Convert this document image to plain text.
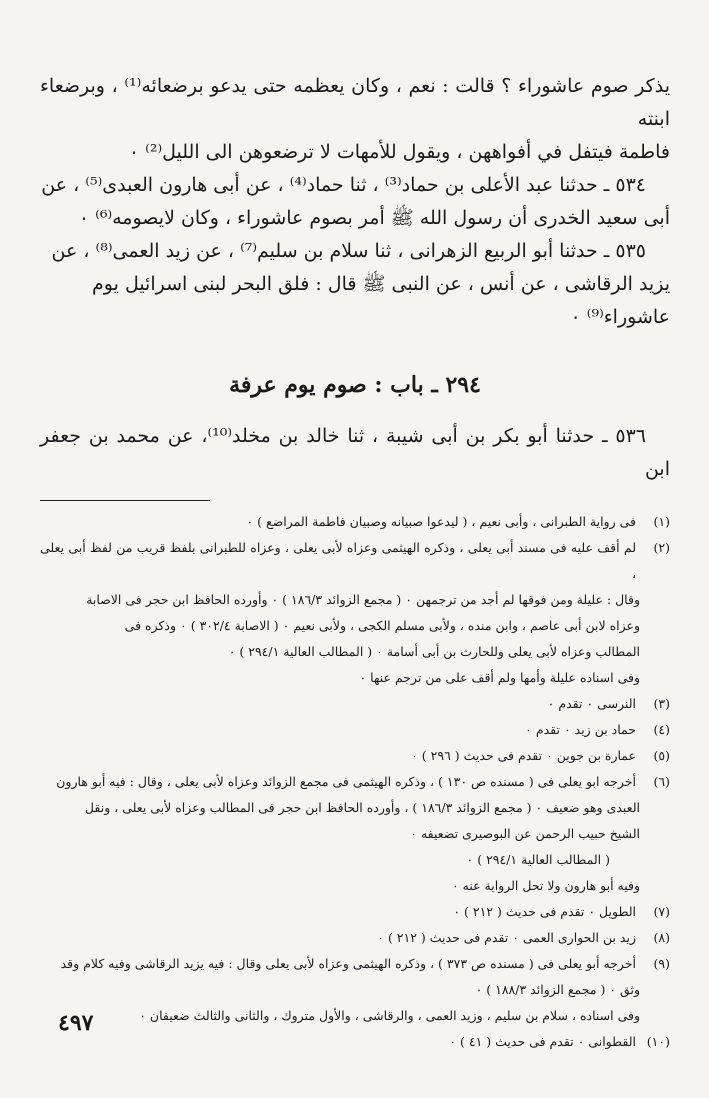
يذكر صوم عاشوراء ؟ قالت : نعم ، وكان يعظمه حتى يدعو برضعائه⁽¹⁾ ، وبرضعاء ابنته

فاطمة فيتفل في أفواههن ، ويقول للأمهات لا ترضعوهن الى الليل⁽²⁾ ٠

٥٣٤ ـ حدثنا عبد الأعلى بن حماد⁽³⁾ ، ثنا حماد⁽⁴⁾ ، عن أبى هارون العبدى⁽⁵⁾ ، عن

أبى سعيد الخدرى أن رسول الله ﷺ أمر بصوم عاشوراء ، وكان لايصومه⁽⁶⁾ ٠

٥٣٥ ـ حدثنا أبو الربيع الزهرانى ، ثنا سلام بن سليم⁽⁷⁾ ، عن زيد العمى⁽⁸⁾ ، عن

يزيد الرقاشى ، عن أنس ، عن النبى ﷺ قال : فلق البحر لبنى اسرائيل يوم

عاشوراء⁽⁹⁾ ٠

٢٩٤ ـ باب : صوم يوم عرفة

٥٣٦ ـ حدثنا أبو بكر بن أبى شيبة ، ثنا خالد بن مخلد⁽¹⁰⁾، عن محمد بن جعفر ابن

(١)
فى رواية الطبرانى ، وأبى نعيم ، ( ليدعوا صبيانه وصبيان فاطمة المراضع ) ٠
(٢)
لم أقف عليه فى مسند أبى يعلى ، وذكره الهيثمى وعزاه لأبى يعلى ، وعزاه للطبرانى بلفظ قريب من لفظ أبى يعلى ،
وقال : عليلة ومن فوقها لم أجد من ترجمهن ٠ ( مجمع الزوائد ١٨٦/٣ ) ٠ وأورده الحافظ ابن حجر فى الاصابة
وعزاه لابن أبى عاصم ، وابن منده ، ولأبى مسلم الكجى ، ولأبى نعيم ٠ ( الاصابة ٣٠٢/٤ ) ٠ وذكره فى
المطالب وعزاه لأبى يعلى وللحارث بن أبى أسامة ٠ ( المطالب العالية ٢٩٤/١ ) ٠
وفى اسناده عليلة وأمها ولم أقف على من ترجم عنها ٠
(٣)
النرسى ٠ تقدم ٠
(٤)
حماد بن زيد ٠ تقدم ٠
(٥)
عمارة بن جوين ٠ تقدم فى حديث ( ٢٩٦ ) ٠
(٦)
أخرجه ابو يعلى فى ( مسنده ص ١٣٠ ) ، وذكره الهيثمى فى مجمع الزوائد وعزاه لأبى يعلى ، وقال : فيه أبو هارون
العبدى وهو ضعيف ٠ ( مجمع الزوائد ١٨٦/٣ ) ، وأورده الحافظ ابن حجر فى المطالب وعزاه لأبى يعلى ، ونقل
الشيخ حبيب الرحمن عن البوصيرى تضعيفه ٠
( المطالب العالية ٢٩٤/١ ) ٠
وفيه أبو هارون ولا تحل الرواية عنه ٠
(٧)
الطويل ٠ تقدم فى حديث ( ٢١٢ ) ٠
(٨)
زيد بن الحوارى العمى ٠ تقدم فى حديث ( ٢١٢ ) ٠
(٩)
أخرجه أبو يعلى فى ( مسنده ص ٣٧٣ ) ، وذكره الهيثمى وعزاه لأبى يعلى وقال : فيه يزيد الرقاشى وفيه كلام وقد
وثق ٠ ( مجمع الزوائد ١٨٨/٣ ) ٠
وفى اسناده ، سلام بن سليم ، وزيد العمى ، والرقاشى ، والأول متروك ، والثانى والثالث ضعيفان ٠
(١٠)
القطوانى ٠ تقدم فى حديث ( ٤١ ) ٠
٤٩٧
